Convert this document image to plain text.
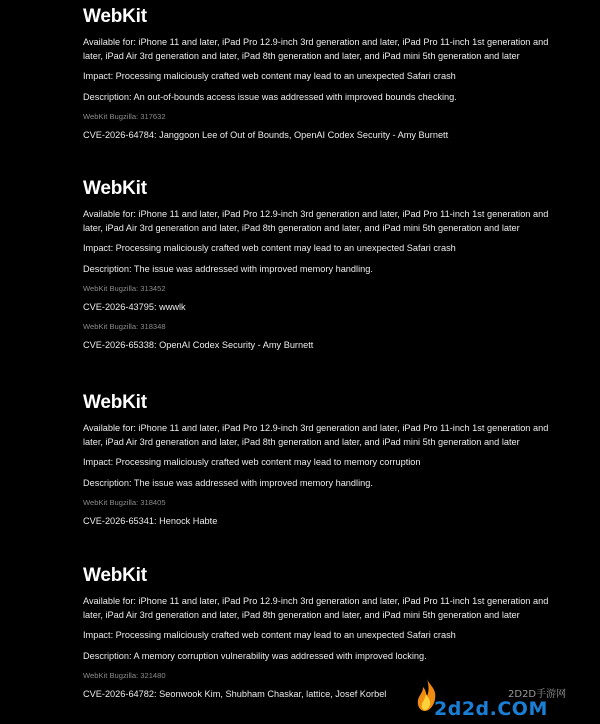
WebKit

Available for: iPhone 11 and later, iPad Pro 12.9-inch 3rd generation and later, iPad Pro 11-inch 1st generation and later, iPad Air 3rd generation and later, iPad 8th generation and later, and iPad mini 5th generation and later

Impact: Processing maliciously crafted web content may lead to an unexpected Safari crash

Description: An out-of-bounds access issue was addressed with improved bounds checking.

WebKit Bugzilla: 317632

CVE-2026-64784: Janggoon Lee of Out of Bounds, OpenAI Codex Security - Amy Burnett

WebKit

Available for: iPhone 11 and later, iPad Pro 12.9-inch 3rd generation and later, iPad Pro 11-inch 1st generation and later, iPad Air 3rd generation and later, iPad 8th generation and later, and iPad mini 5th generation and later

Impact: Processing maliciously crafted web content may lead to an unexpected Safari crash

Description: The issue was addressed with improved memory handling.

WebKit Bugzilla: 313452

CVE-2026-43795: wwwlk

WebKit Bugzilla: 318348

CVE-2026-65338: OpenAI Codex Security - Amy Burnett

WebKit

Available for: iPhone 11 and later, iPad Pro 12.9-inch 3rd generation and later, iPad Pro 11-inch 1st generation and later, iPad Air 3rd generation and later, iPad 8th generation and later, and iPad mini 5th generation and later

Impact: Processing maliciously crafted web content may lead to memory corruption

Description: The issue was addressed with improved memory handling.

WebKit Bugzilla: 318405

CVE-2026-65341: Henock Habte

WebKit

Available for: iPhone 11 and later, iPad Pro 12.9-inch 3rd generation and later, iPad Pro 11-inch 1st generation and later, iPad Air 3rd generation and later, iPad 8th generation and later, and iPad mini 5th generation and later

Impact: Processing maliciously crafted web content may lead to an unexpected Safari crash

Description: A memory corruption vulnerability was addressed with improved locking.

WebKit Bugzilla: 321480

CVE-2026-64782: Seonwook Kim, Shubham Chaskar, lattice, Josef Korbel	2D2D手游网
2d2d.COM
